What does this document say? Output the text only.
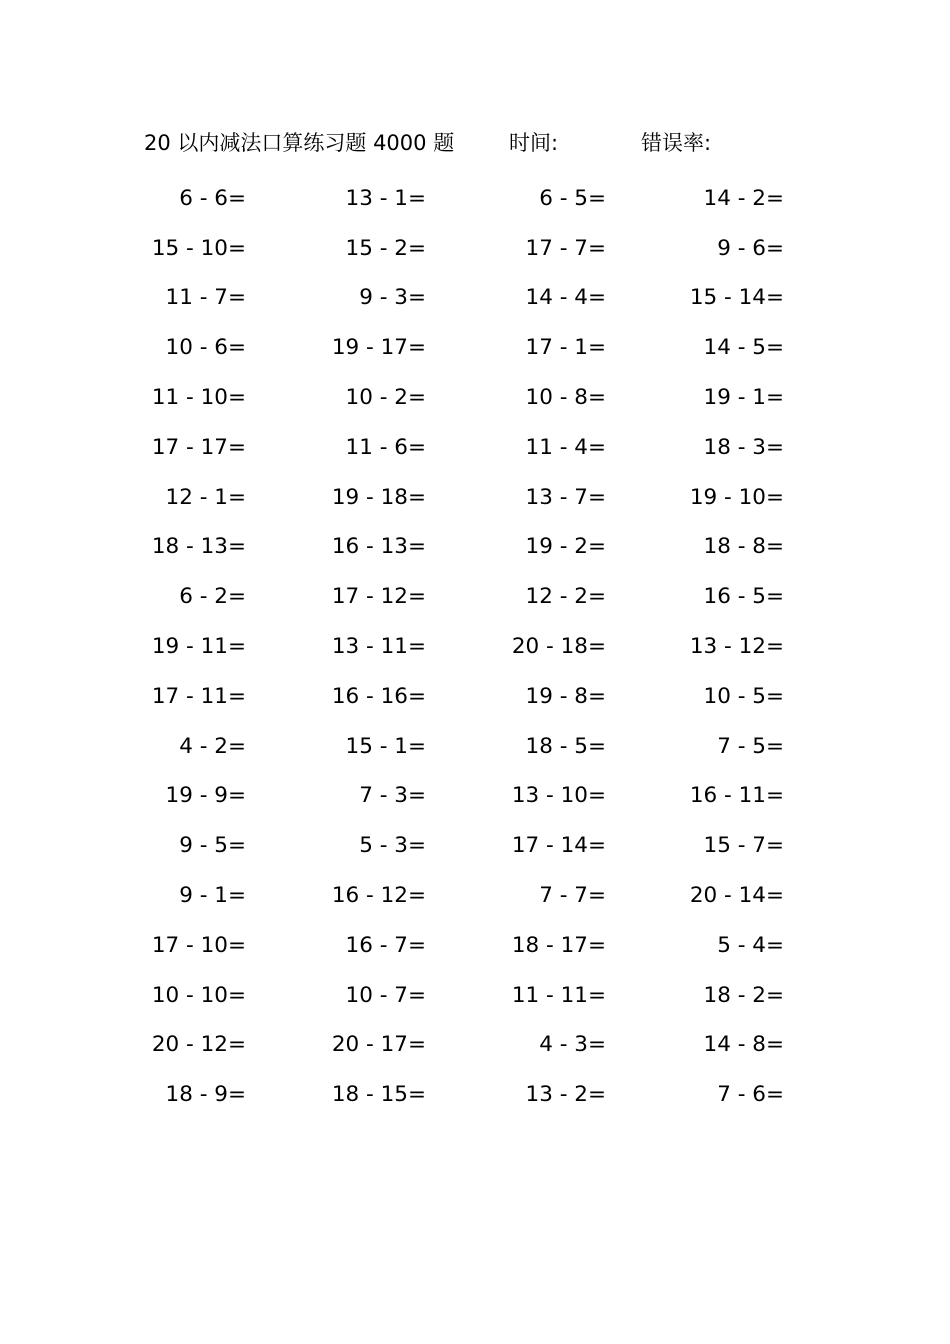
20 以内减法口算练习题 4000 题	时间:	错误率:
6 - 6=	13 - 1=	6 - 5=	14 - 2=
15 - 10=	15 - 2=	17 - 7=	9 - 6=
11 - 7=	9 - 3=	14 - 4=	15 - 14=
10 - 6=	19 - 17=	17 - 1=	14 - 5=
11 - 10=	10 - 2=	10 - 8=	19 - 1=
17 - 17=	11 - 6=	11 - 4=	18 - 3=
12 - 1=	19 - 18=	13 - 7=	19 - 10=
18 - 13=	16 - 13=	19 - 2=	18 - 8=
6 - 2=	17 - 12=	12 - 2=	16 - 5=
19 - 11=	13 - 11=	20 - 18=	13 - 12=
17 - 11=	16 - 16=	19 - 8=	10 - 5=
4 - 2=	15 - 1=	18 - 5=	7 - 5=
19 - 9=	7 - 3=	13 - 10=	16 - 11=
9 - 5=	5 - 3=	17 - 14=	15 - 7=
9 - 1=	16 - 12=	7 - 7=	20 - 14=
17 - 10=	16 - 7=	18 - 17=	5 - 4=
10 - 10=	10 - 7=	11 - 11=	18 - 2=
20 - 12=	20 - 17=	4 - 3=	14 - 8=
18 - 9=	18 - 15=	13 - 2=	7 - 6=
